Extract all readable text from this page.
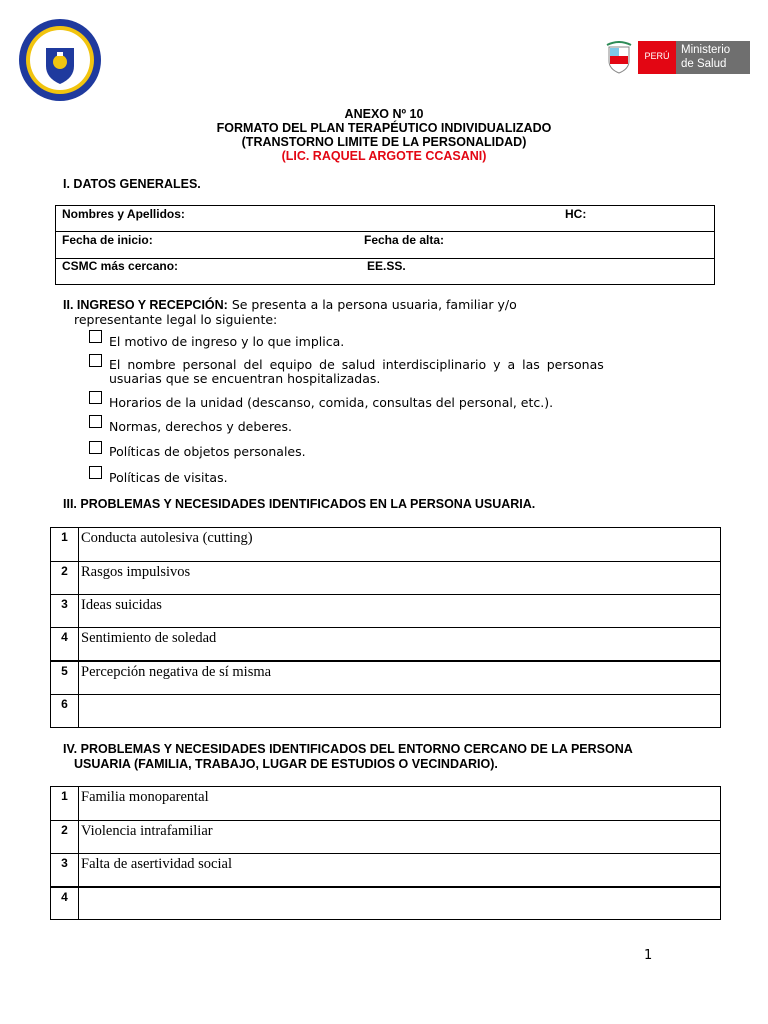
PERÚ	Ministerio
de Salud
ANEXO Nº 10
FORMATO DEL PLAN TERAPÉUTICO INDIVIDUALIZADO
(TRANSTORNO LIMITE DE LA PERSONALIDAD)
(LIC. RAQUEL ARGOTE CCASANI)
I. DATOS GENERALES.
Nombres y Apellidos:	HC:
Fecha de inicio:	Fecha de alta:
CSMC más cercano:	EE.SS.
II. INGRESO Y RECEPCIÓN: Se presenta a la persona usuaria, familiar y/o
representante legal lo siguiente:
El motivo de ingreso y lo que implica.
El nombre personal del equipo de salud interdisciplinario y a las personas
usuarias que se encuentran hospitalizadas.
Horarios de la unidad (descanso, comida, consultas del personal, etc.).
Normas, derechos y deberes.
Políticas de objetos personales.
Políticas de visitas.
III. PROBLEMAS Y NECESIDADES IDENTIFICADOS EN LA PERSONA USUARIA.
1	Conducta autolesiva (cutting)
2	Rasgos impulsivos
3	Ideas suicidas
4	Sentimiento de soledad
5	Percepción negativa de sí misma
6	
IV. PROBLEMAS Y NECESIDADES IDENTIFICADOS DEL ENTORNO CERCANO DE LA PERSONA
USUARIA (FAMILIA, TRABAJO, LUGAR DE ESTUDIOS O VECINDARIO).
1	Familia monoparental
2	Violencia intrafamiliar
3	Falta de asertividad social
4	
1
